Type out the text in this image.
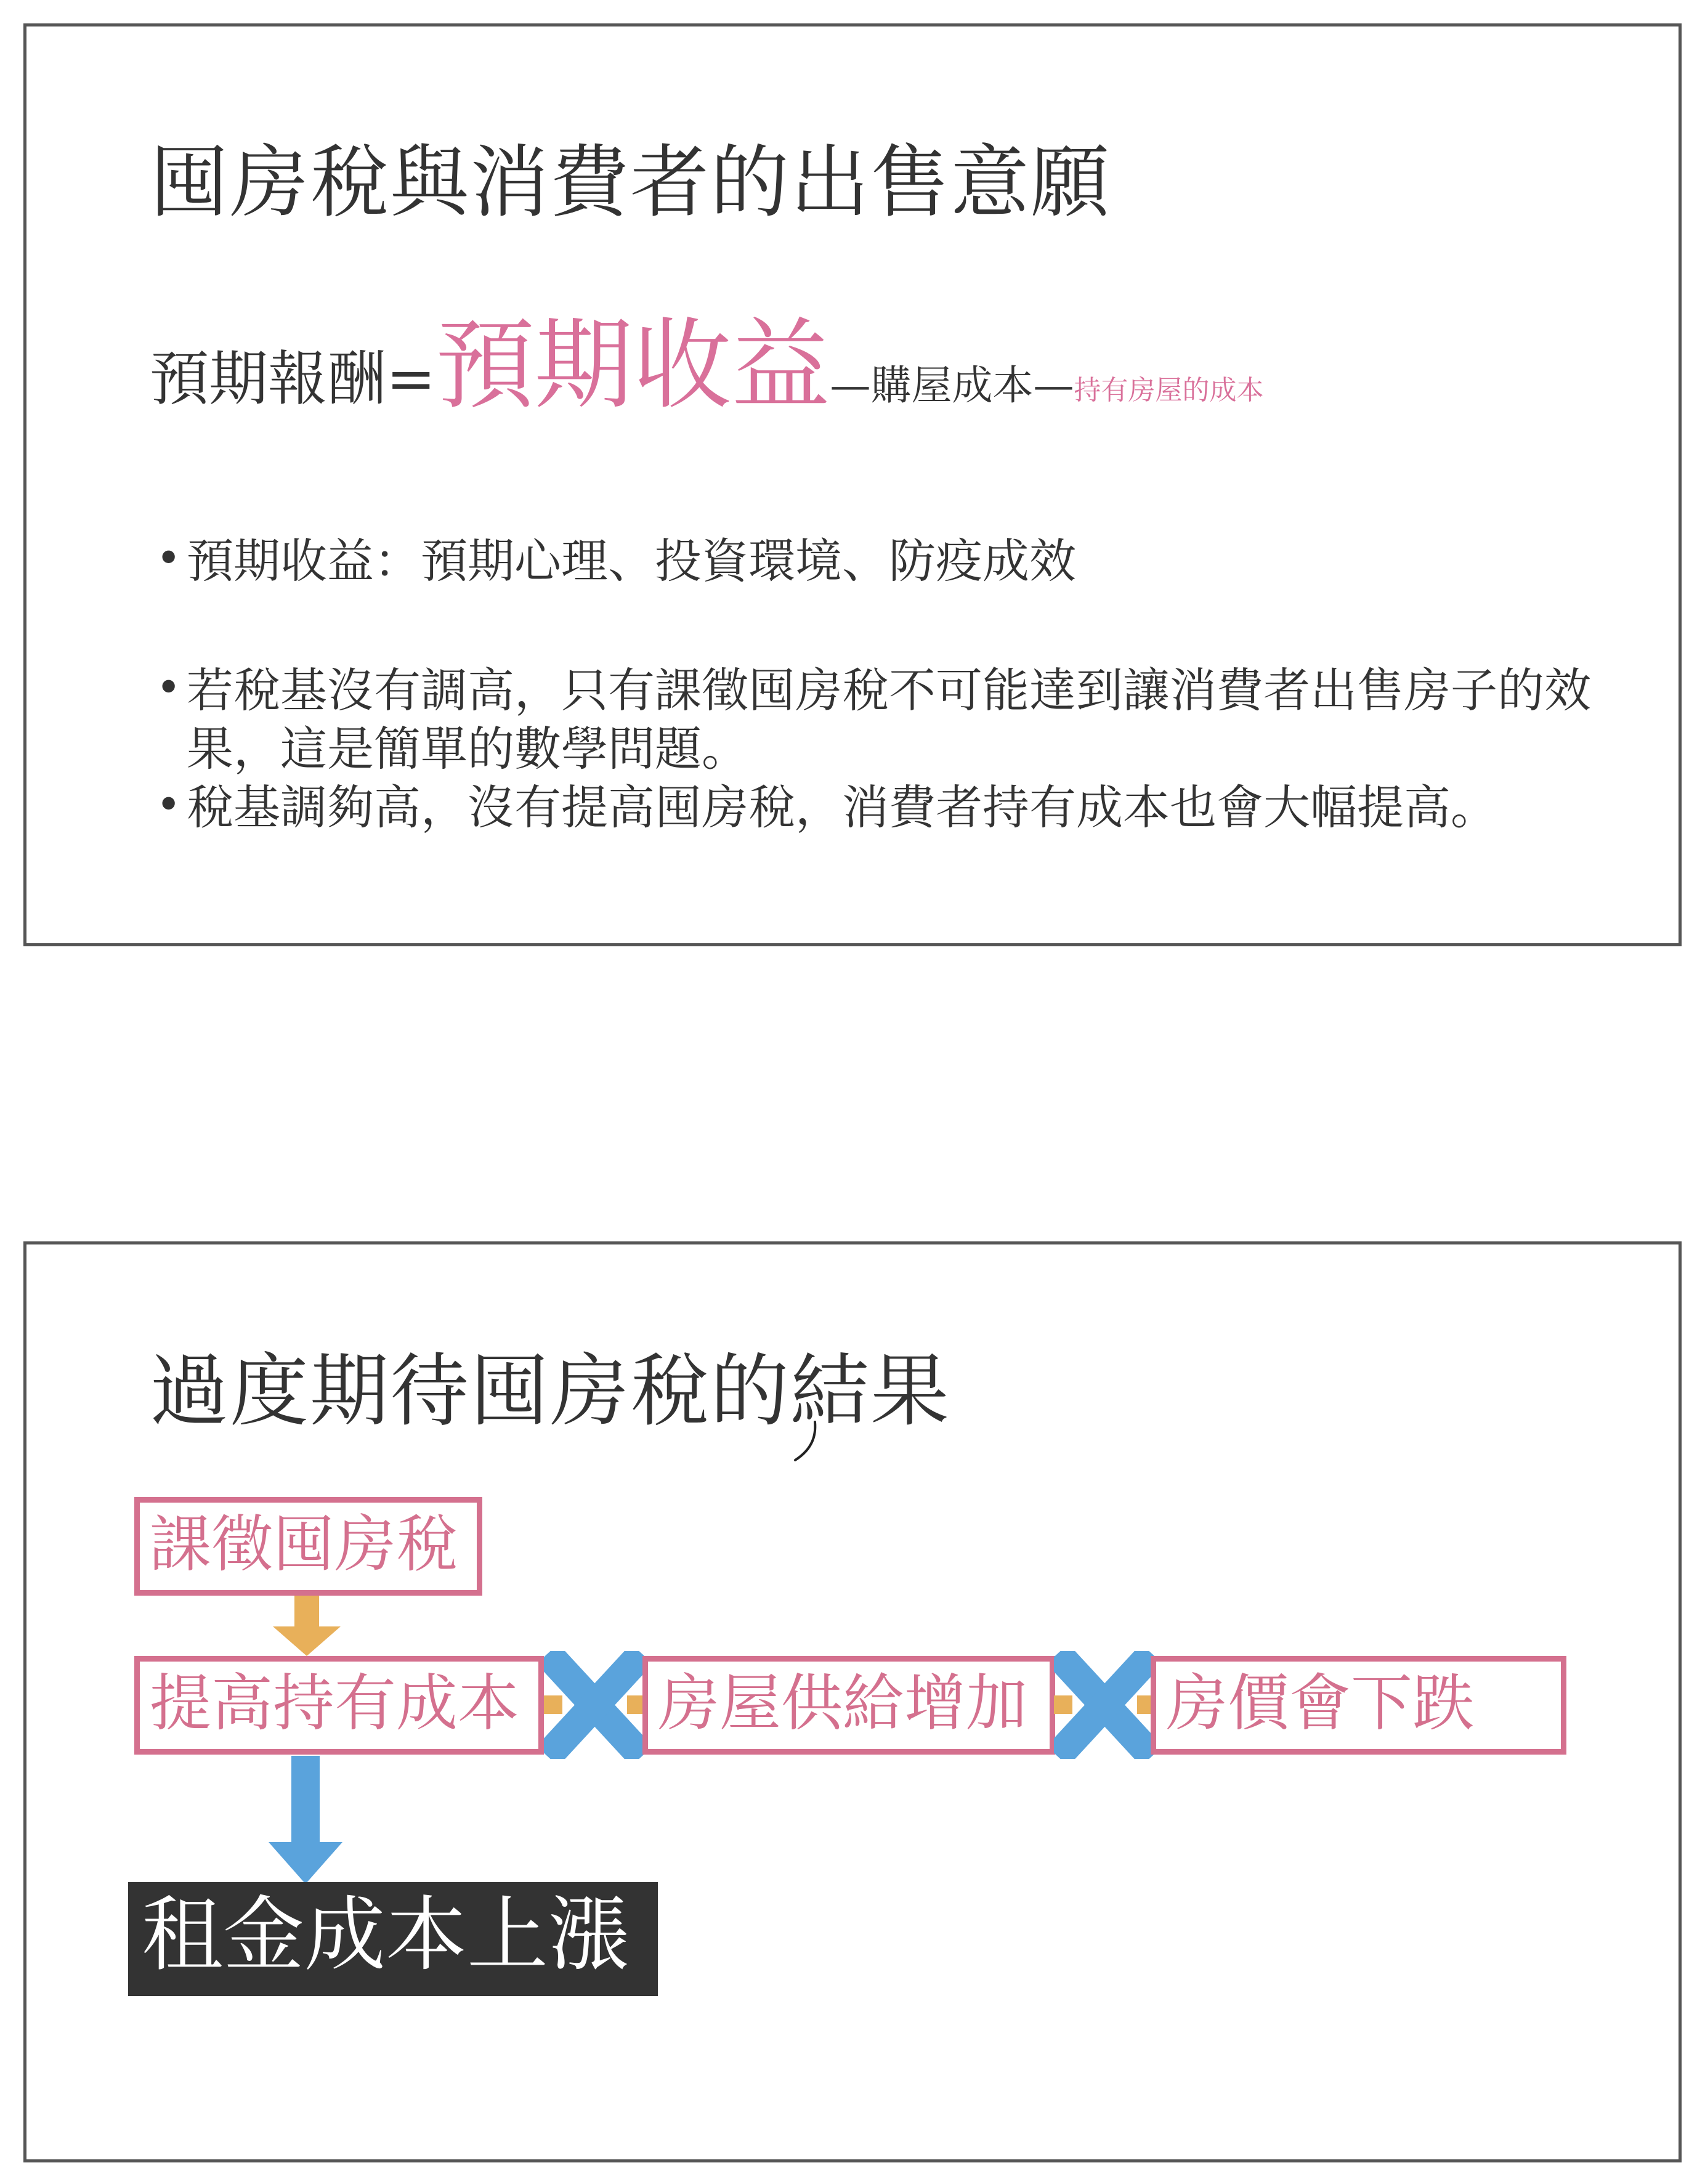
囤房稅與消費者的出售意願
預期報酬=預期收益—購屋成本—持有房屋的成本
• 預期收益：預期心理、投資環境、防疫成效
• 若稅基沒有調高，只有課徵囤房稅不可能達到讓消費者出售房子的效果，這是簡單的數學問題。
• 稅基調夠高，沒有提高囤房稅，消費者持有成本也會大幅提高。
過度期待囤房稅的結果
課徵囤房稅
提高持有成本	房屋供給增加	房價會下跌
租金成本上漲
